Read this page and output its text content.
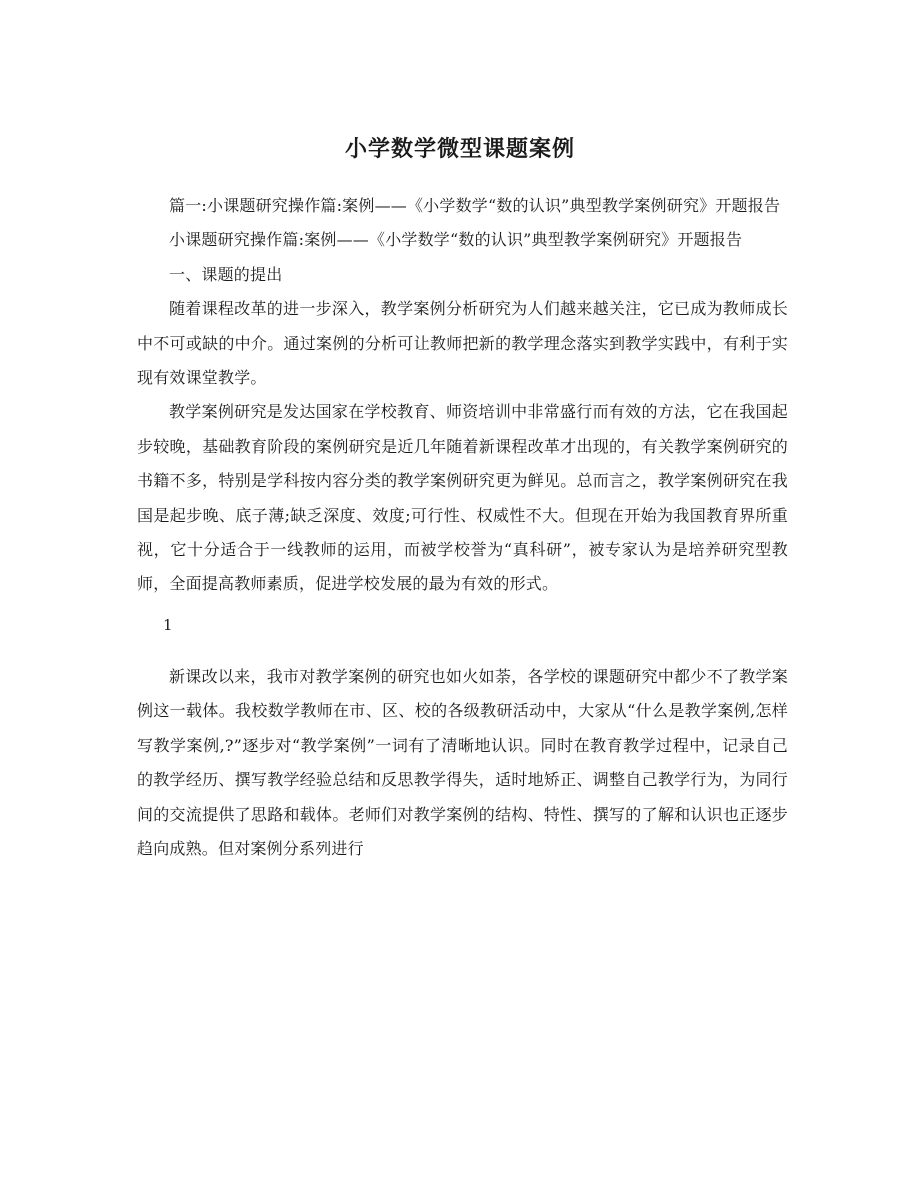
小学数学微型课题案例

篇一:小课题研究操作篇:案例——《小学数学“数的认识”典型教学案例研究》开题报告

小课题研究操作篇:案例——《小学数学“数的认识”典型教学案例研究》开题报告

一、课题的提出

随着课程改革的进一步深入，教学案例分析研究为人们越来越关注，它已成为教师成长中不可或缺的中介。通过案例的分析可让教师把新的教学理念落实到教学实践中，有利于实现有效课堂教学。

教学案例研究是发达国家在学校教育、师资培训中非常盛行而有效的方法，它在我国起步较晚，基础教育阶段的案例研究是近几年随着新课程改革才出现的，有关教学案例研究的书籍不多，特别是学科按内容分类的教学案例研究更为鲜见。总而言之，教学案例研究在我国是起步晚、底子薄;缺乏深度、效度;可行性、权威性不大。但现在开始为我国教育界所重视，它十分适合于一线教师的运用，而被学校誉为“真科研”，被专家认为是培养研究型教师，全面提高教师素质，促进学校发展的最为有效的形式。

1

新课改以来，我市对教学案例的研究也如火如荼，各学校的课题研究中都少不了教学案例这一载体。我校数学教师在市、区、校的各级教研活动中，大家从“什么是教学案例,怎样写教学案例,?”逐步对“教学案例”一词有了清晰地认识。同时在教育教学过程中，记录自己的教学经历、撰写教学经验总结和反思教学得失，适时地矫正、调整自己教学行为，为同行间的交流提供了思路和载体。老师们对教学案例的结构、特性、撰写的了解和认识也正逐步趋向成熟。但对案例分系列进行
